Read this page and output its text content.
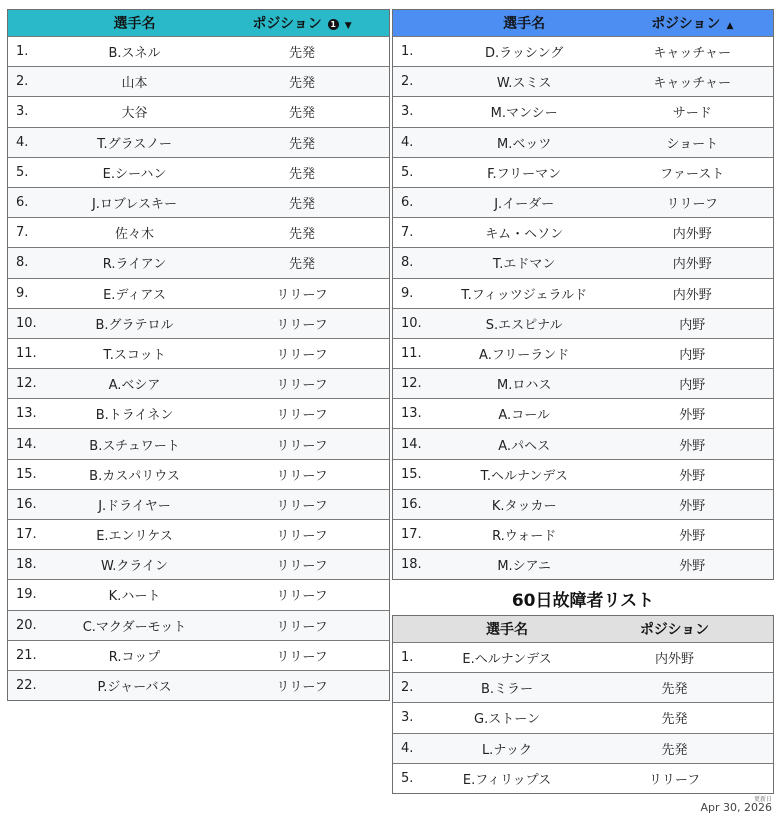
選手名	ポジション 1 ▼
1.	B.スネル	先発
2.	山本	先発
3.	大谷	先発
4.	T.グラスノー	先発
5.	E.シーハン	先発
6.	J.ロブレスキー	先発
7.	佐々木	先発
8.	R.ライアン	先発
9.	E.ディアス	リリーフ
10.	B.グラテロル	リリーフ
11.	T.スコット	リリーフ
12.	A.ベシア	リリーフ
13.	B.トライネン	リリーフ
14.	B.スチュワート	リリーフ
15.	B.カスパリウス	リリーフ
16.	J.ドライヤー	リリーフ
17.	E.エンリケス	リリーフ
18.	W.クライン	リリーフ
19.	K.ハート	リリーフ
20.	C.マクダーモット	リリーフ
21.	R.コップ	リリーフ
22.	P.ジャーバス	リリーフ
選手名	ポジション ▲
1.	D.ラッシング	キャッチャー
2.	W.スミス	キャッチャー
3.	M.マンシー	サード
4.	M.ベッツ	ショート
5.	F.フリーマン	ファースト
6.	J.イーダー	リリーフ
7.	キム・ヘソン	内外野
8.	T.エドマン	内外野
9.	T.フィッツジェラルド	内外野
10.	S.エスピナル	内野
11.	A.フリーランド	内野
12.	M.ロハス	内野
13.	A.コール	外野
14.	A.パヘス	外野
15.	T.ヘルナンデス	外野
16.	K.タッカー	外野
17.	R.ウォード	外野
18.	M.シアニ	外野
60日故障者リスト
選手名	ポジション
1.	E.ヘルナンデス	内外野
2.	B.ミラー	先発
3.	G.ストーン	先発
4.	L.ナック	先発
5.	E.フィリップス	リリーフ
更新日
Apr 30, 2026
